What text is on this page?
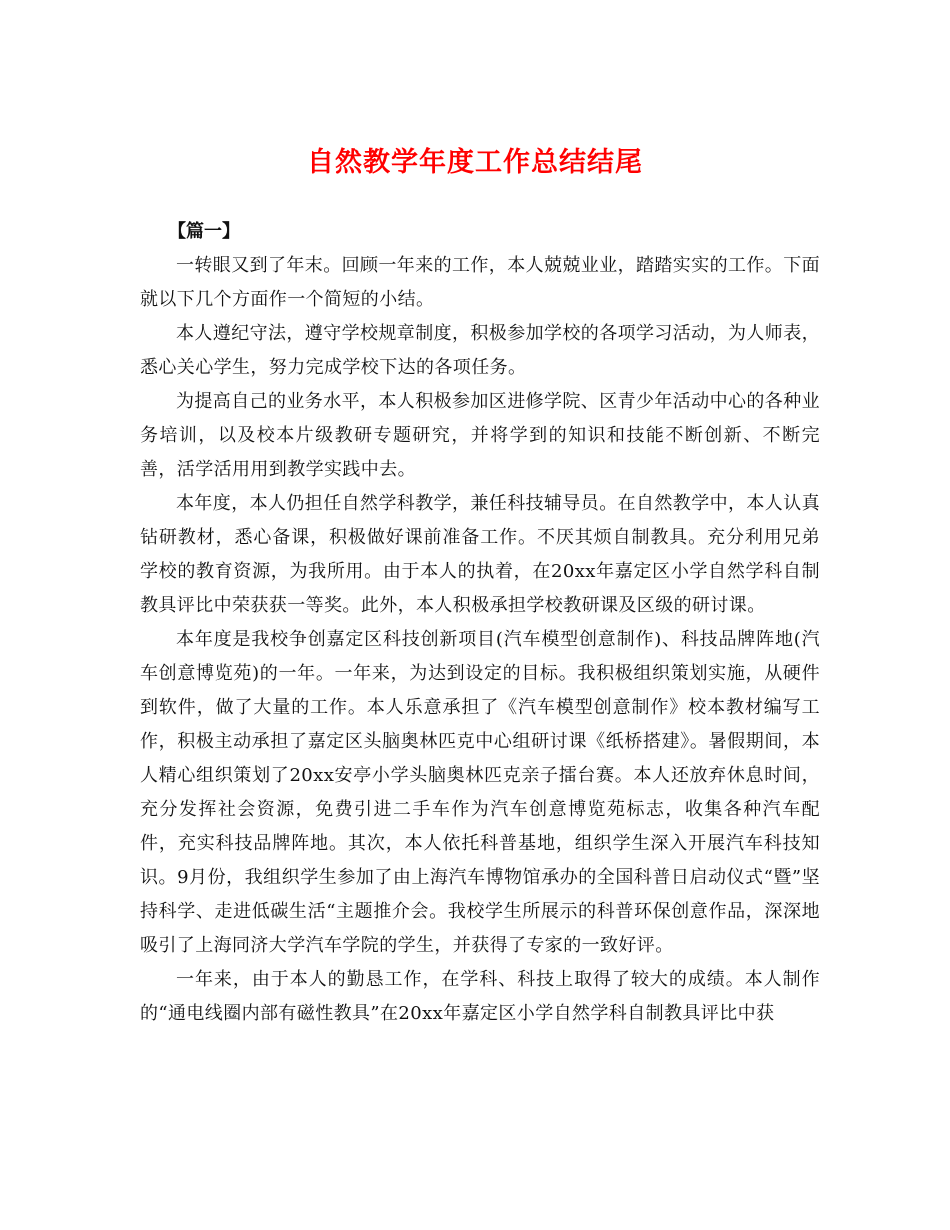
自然教学年度工作总结结尾

【篇一】

一转眼又到了年末。回顾一年来的工作，本人兢兢业业，踏踏实实的工作。下面就以下几个方面作一个简短的小结。

本人遵纪守法，遵守学校规章制度，积极参加学校的各项学习活动，为人师表，悉心关心学生，努力完成学校下达的各项任务。

为提高自己的业务水平，本人积极参加区进修学院、区青少年活动中心的各种业务培训，以及校本片级教研专题研究，并将学到的知识和技能不断创新、不断完善，活学活用用到教学实践中去。

本年度，本人仍担任自然学科教学，兼任科技辅导员。在自然教学中，本人认真钻研教材，悉心备课，积极做好课前准备工作。不厌其烦自制教具。充分利用兄弟学校的教育资源，为我所用。由于本人的执着，在20xx年嘉定区小学自然学科自制教具评比中荣获获一等奖。此外，本人积极承担学校教研课及区级的研讨课。

本年度是我校争创嘉定区科技创新项目(汽车模型创意制作)、科技品牌阵地(汽车创意博览苑)的一年。一年来，为达到设定的目标。我积极组织策划实施，从硬件到软件，做了大量的工作。本人乐意承担了《汽车模型创意制作》校本教材编写工作，积极主动承担了嘉定区头脑奥林匹克中心组研讨课《纸桥搭建》。暑假期间，本人精心组织策划了20xx安亭小学头脑奥林匹克亲子擂台赛。本人还放弃休息时间，充分发挥社会资源，免费引进二手车作为汽车创意博览苑标志，收集各种汽车配件，充实科技品牌阵地。其次，本人依托科普基地，组织学生深入开展汽车科技知识。9月份，我组织学生参加了由上海汽车博物馆承办的全国科普日启动仪式“暨”坚持科学、走进低碳生活“主题推介会。我校学生所展示的科普环保创意作品，深深地吸引了上海同济大学汽车学院的学生，并获得了专家的一致好评。

一年来，由于本人的勤恳工作，在学科、科技上取得了较大的成绩。本人制作的“通电线圈内部有磁性教具”在20xx年嘉定区小学自然学科自制教具评比中获
